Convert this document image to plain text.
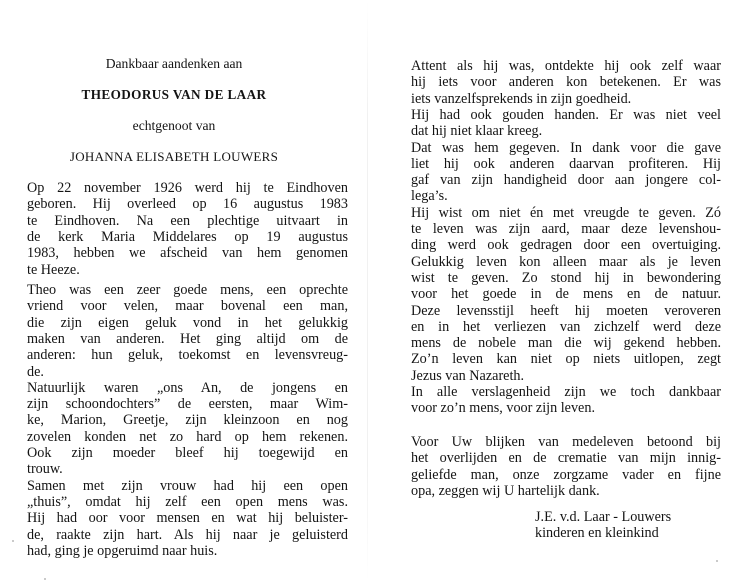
Dankbaar aandenken aan
THEODORUS VAN DE LAAR
echtgenoot van
JOHANNA ELISABETH LOUWERS
Op 22 november 1926 werd hij te Eindhoven
geboren. Hij overleed op 16 augustus 1983
te Eindhoven. Na een plechtige uitvaart in
de kerk Maria Middelares op 19 augustus
1983, hebben we afscheid van hem genomen
te Heeze.
Theo was een zeer goede mens, een oprechte
vriend voor velen, maar bovenal een man,
die zijn eigen geluk vond in het gelukkig
maken van anderen. Het ging altijd om de
anderen: hun geluk, toekomst en levensvreug-
de.
Natuurlijk waren „ons An, de jongens en
zijn schoondochters” de eersten, maar Wim-
ke, Marion, Greetje, zijn kleinzoon en nog
zovelen konden net zo hard op hem rekenen.
Ook zijn moeder bleef hij toegewijd en
trouw.
Samen met zijn vrouw had hij een open
„thuis”, omdat hij zelf een open mens was.
Hij had oor voor mensen en wat hij beluister-
de, raakte zijn hart. Als hij naar je geluisterd
had, ging je opgeruimd naar huis.
Attent als hij was, ontdekte hij ook zelf waar
hij iets voor anderen kon betekenen. Er was
iets vanzelfsprekends in zijn goedheid.
Hij had ook gouden handen. Er was niet veel
dat hij niet klaar kreeg.
Dat was hem gegeven. In dank voor die gave
liet hij ook anderen daarvan profiteren. Hij
gaf van zijn handigheid door aan jongere col-
lega’s.
Hij wist om niet én met vreugde te geven. Zó
te leven was zijn aard, maar deze levenshou-
ding werd ook gedragen door een overtuiging.
Gelukkig leven kon alleen maar als je leven
wist te geven. Zo stond hij in bewondering
voor het goede in de mens en de natuur.
Deze levensstijl heeft hij moeten veroveren
en in het verliezen van zichzelf werd deze
mens de nobele man die wij gekend hebben.
Zo’n leven kan niet op niets uitlopen, zegt
Jezus van Nazareth.
In alle verslagenheid zijn we toch dankbaar
voor zo’n mens, voor zijn leven.
Voor Uw blijken van medeleven betoond bij
het overlijden en de crematie van mijn innig-
geliefde man, onze zorgzame vader en fijne
opa, zeggen wij U hartelijk dank.
J.E. v.d. Laar - Louwers
kinderen en kleinkind
